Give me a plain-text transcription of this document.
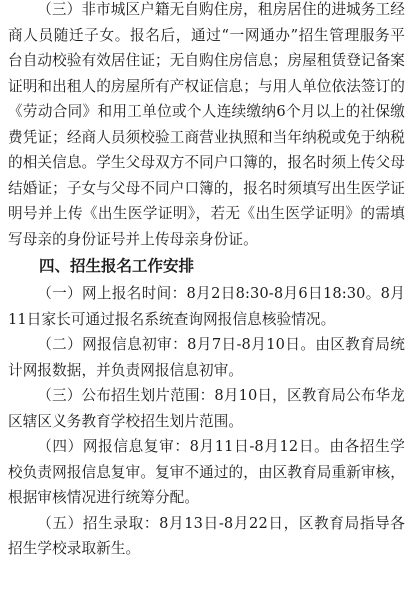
（三）非市城区户籍无自购住房，租房居住的进城务工经商人员随迁子女。报名后，通过“一网通办”招生管理服务平台自动校验有效居住证；无自购住房信息；房屋租赁登记备案证明和出租人的房屋所有产权证信息；与用人单位依法签订的《劳动合同》和用工单位或个人连续缴纳6个月以上的社保缴费凭证；经商人员须校验工商营业执照和当年纳税或免于纳税的相关信息。学生父母双方不同户口簿的，报名时须上传父母结婚证；子女与父母不同户口簿的，报名时须填写出生医学证明号并上传《出生医学证明》，若无《出生医学证明》的需填写母亲的身份证号并上传母亲身份证。

四、招生报名工作安排

（一）网上报名时间：8月2日8:30-8月6日18:30。8月11日家长可通过报名系统查询网报信息核验情况。

（二）网报信息初审：8月7日-8月10日。由区教育局统计网报数据，并负责网报信息初审。

（三）公布招生划片范围：8月10日，区教育局公布华龙区辖区义务教育学校招生划片范围。

（四）网报信息复审：8月11日-8月12日。由各招生学校负责网报信息复审。复审不通过的，由区教育局重新审核，根据审核情况进行统筹分配。

（五）招生录取：8月13日-8月22日，区教育局指导各招生学校录取新生。
